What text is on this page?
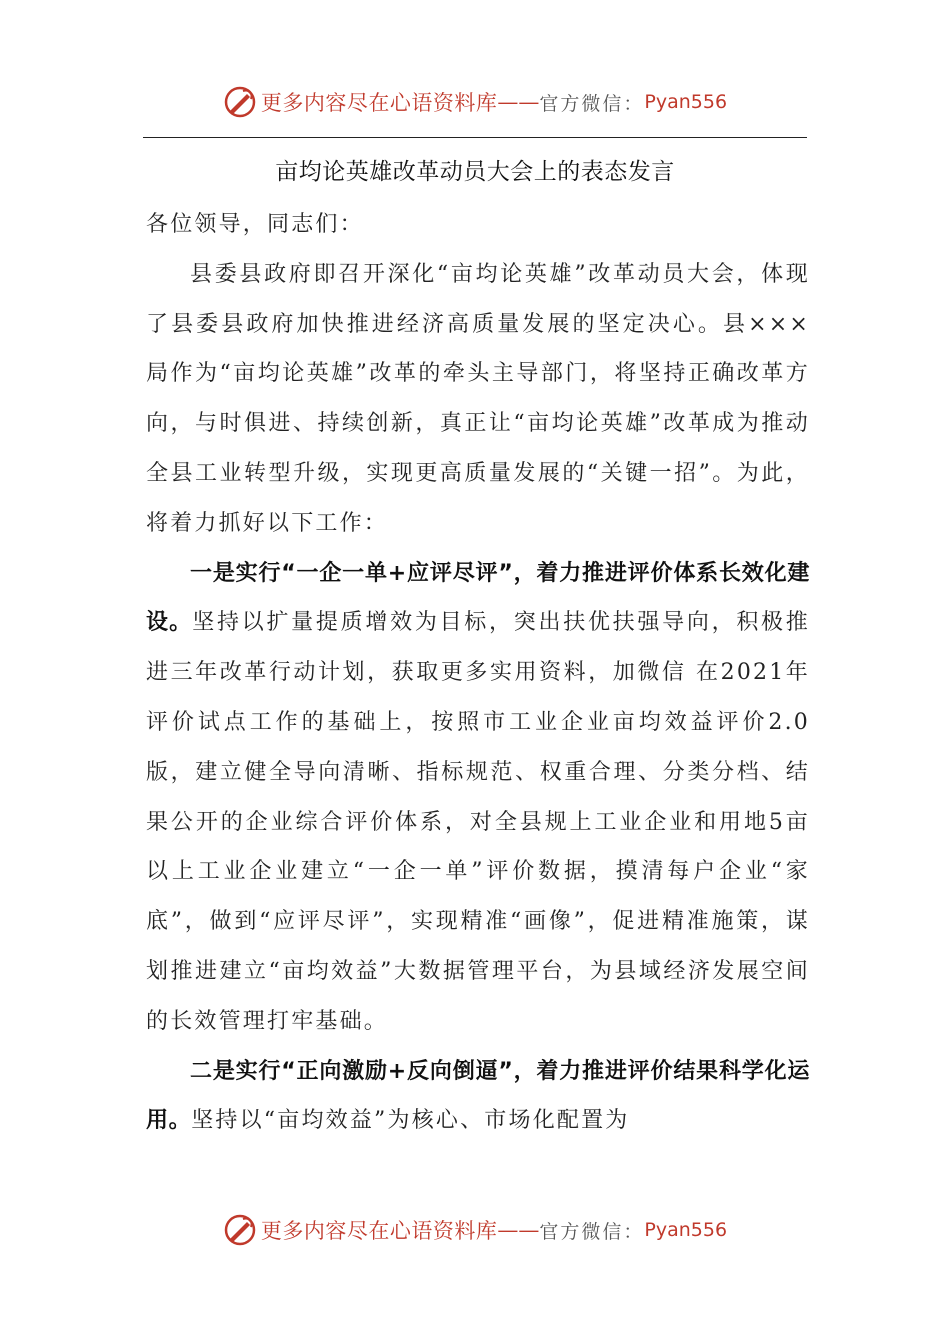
更多内容尽在心语资料库 —— 官方微信： Pyan556
亩均论英雄改革动员大会上的表态发言

各位领导，同志们：

县委县政府即召开深化“亩均论英雄”改革动员大会，体现了县委县政府加快推进经济高质量发展的坚定决心。县×××局作为“亩均论英雄”改革的牵头主导部门，将坚持正确改革方向，与时俱进、持续创新，真正让“亩均论英雄”改革成为推动全县工业转型升级，实现更高质量发展的“关键一招”。为此，将着力抓好以下工作：

一是实行“一企一单+应评尽评”，着力推进评价体系长效化建设。坚持以扩量提质增效为目标，突出扶优扶强导向，积极推进三年改革行动计划，获取更多实用资料，加微信 在2021年评价试点工作的基础上，按照市工业企业亩均效益评价2.0版，建立健全导向清晰、指标规范、权重合理、分类分档、结果公开的企业综合评价体系，对全县规上工业企业和用地5亩以上工业企业建立“一企一单”评价数据，摸清每户企业“家底”，做到“应评尽评”，实现精准“画像”，促进精准施策，谋划推进建立“亩均效益”大数据管理平台，为县域经济发展空间的长效管理打牢基础。

二是实行“正向激励+反向倒逼”，着力推进评价结果科学化运用。坚持以“亩均效益”为核心、市场化配置为

更多内容尽在心语资料库 —— 官方微信： Pyan556
